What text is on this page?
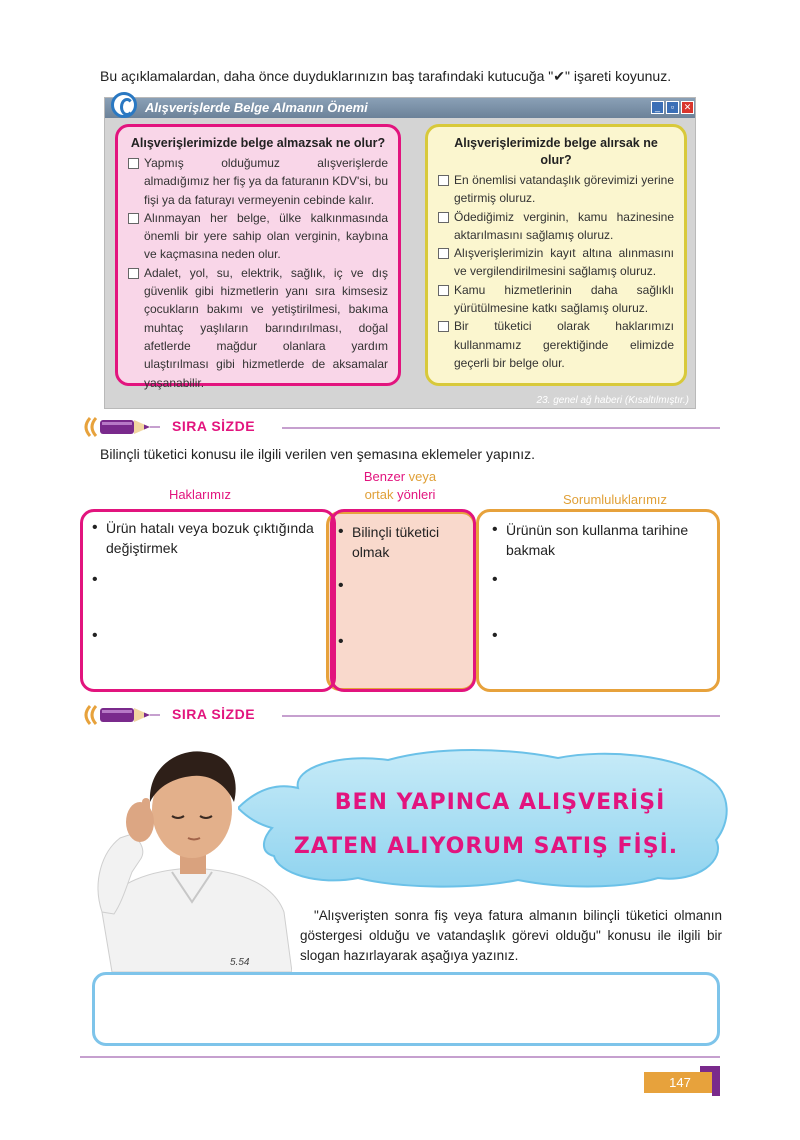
Bu açıklamalardan, daha önce duyduklarınızın baş tarafındaki kutucuğa "✔" işareti koyunuz.
Alışverişlerde Belge Almanın Önemi	_	▫	✕
Alışverişlerimizde belge almazsak ne olur?
Yapmış olduğumuz alışverişlerde almadığımız her fiş ya da faturanın KDV'si, bu fişi ya da faturayı vermeyenin cebinde kalır.
Alınmayan her belge, ülke kalkınmasında önemli bir yere sahip olan verginin, kaybına ve kaçmasına neden olur.
Adalet, yol, su, elektrik, sağlık, iç ve dış güvenlik gibi hizmetlerin yanı sıra kimsesiz çocukların bakımı ve yetiştirilmesi, bakıma muhtaç yaşlıların barındırılması, doğal afetlerde mağdur olanlara yardım ulaştırılması gibi hizmetlerde de aksamalar yaşanabilir.
Alışverişlerimizde belge alırsak ne olur?
En önemlisi vatandaşlık görevimizi yerine getirmiş oluruz.
Ödediğimiz verginin, kamu hazinesine aktarılmasını sağlamış oluruz.
Alışverişlerimizin kayıt altına alınmasını ve vergilendirilmesini sağlamış oluruz.
Kamu hizmetlerinin daha sağlıklı yürütülmesine katkı sağlamış oluruz.
Bir tüketici olarak haklarımızı kullanmamız gerektiğinde elimizde geçerli bir belge olur.
23. genel ağ haberi (Kısaltılmıştır.)
SIRA SİZDE
Bilinçli tüketici konusu ile ilgili verilen ven şemasına eklemeler yapınız.
Haklarımız
Benzer veya
ortak yönleri	Sorumluluklarımız
• Ürün hatalı veya bozuk çıktığında değiştirmek
• Bilinçli tüketici olmak
• Ürünün son kullanma tarihine bakmak
SIRA SİZDE
BEN YAPINCA ALIŞVERİŞİ
ZATEN ALIYORUM SATIŞ FİŞİ.
5.54
"Alışverişten sonra fiş veya fatura almanın bilinçli tüketici olmanın göstergesi olduğu ve vatandaşlık görevi olduğu" konusu ile ilgili bir slogan hazırlayarak aşağıya yazınız.
147
